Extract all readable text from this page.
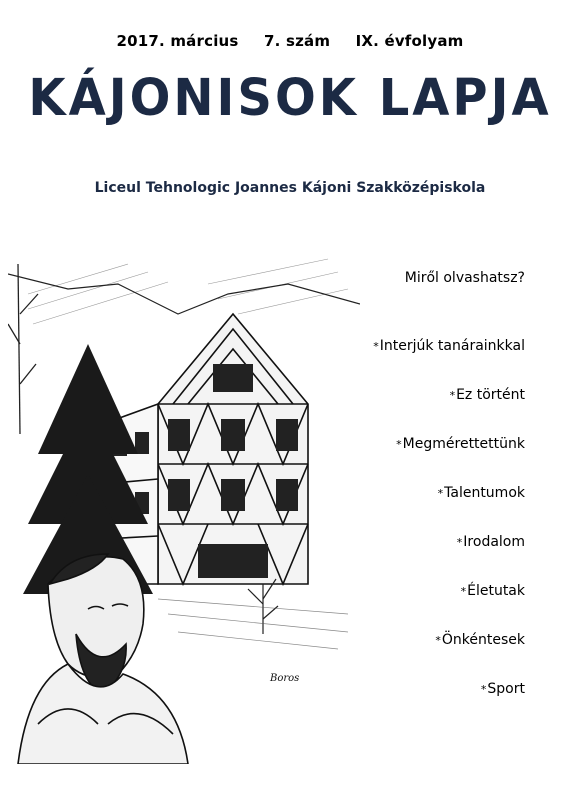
2017. március 7. szám IX. évfolyam
KÁJONISOK LAPJA
Liceul Tehnologic Joannes Kájoni Szakközépiskola
Boros
Miről olvashatsz?
*Interjúk tanárainkkal
*Ez történt
*Megmérettettünk
*Talentumok
*Irodalom
*Életutak
*Önkéntesek
*Sport
